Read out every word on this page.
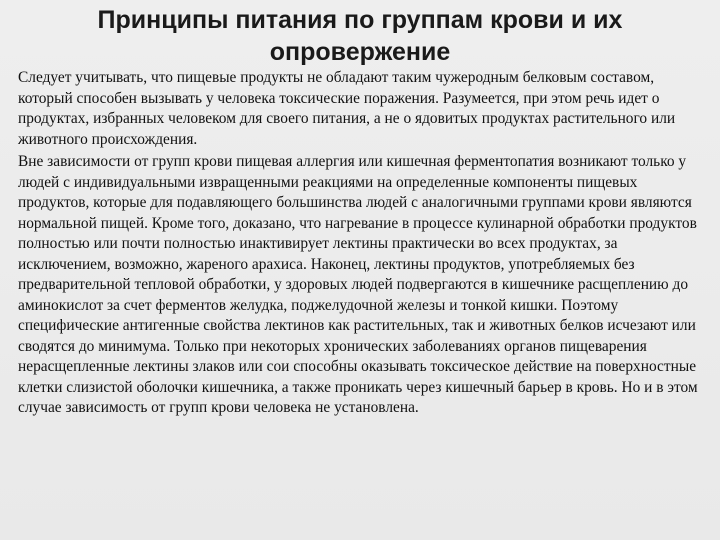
Принципы питания по группам крови и их опровержение

Следует учитывать, что пищевые продукты не обладают таким чужеродным белковым составом, который способен вызывать у человека токсические поражения. Разумеется, при этом речь идет о продуктах, избранных человеком для своего питания, а не о ядовитых продуктах растительного или животного происхождения.

Вне зависимости от групп крови пищевая аллергия или кишечная ферментопатия возникают только у людей с индивидуальными извращенными реакциями на определенные компоненты пищевых продуктов, которые для подавляющего большинства людей с аналогичными группами крови являются нормальной пищей. Кроме того, доказано, что нагревание в процессе кулинарной обработки продуктов полностью или почти полностью инактивирует лектины практически во всех продуктах, за исключением, возможно, жареного арахиса. Наконец, лектины продуктов, употребляемых без предварительной тепловой обработки, у здоровых людей подвергаются в кишечнике расщеплению до аминокислот за счет ферментов желудка, поджелудочной железы и тонкой кишки. Поэтому специфические антигенные свойства лектинов как растительных, так и животных белков исчезают или сводятся до минимума. Только при некоторых хронических заболеваниях органов пищеварения нерасщепленные лектины злаков или сои способны оказывать токсическое действие на поверхностные клетки слизистой оболочки кишечника, а также проникать через кишечный барьер в кровь. Но и в этом случае зависимость от групп крови человека не установлена.
